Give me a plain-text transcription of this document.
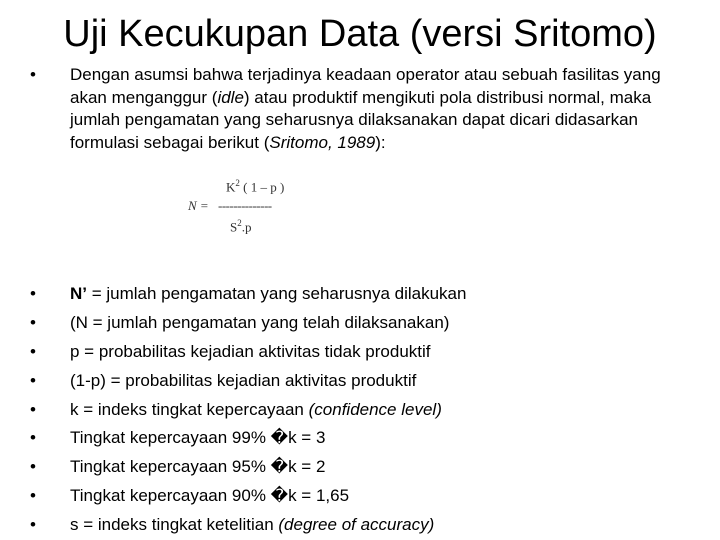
Uji Kecukupan Data (versi Sritomo)
•	Dengan asumsi bahwa terjadinya keadaan operator atau sebuah fasilitas yang akan menganggur (idle) atau produktif mengikuti pola distribusi normal, maka jumlah pengamatan yang seharusnya dilaksanakan dapat dicari didasarkan formulasi sebagai berikut (Sritomo, 1989):
$K^2$ ( 1 – p )
N = --------------
$S^2.p$
•	N’ = jumlah pengamatan yang seharusnya dilakukan
•	(N = jumlah pengamatan yang telah dilaksanakan)
•	p = probabilitas kejadian aktivitas tidak produktif
•	(1-p) = probabilitas kejadian aktivitas produktif
•	k = indeks tingkat kepercayaan (confidence level)
•	Tingkat kepercayaan 99% �k = 3
•	Tingkat kepercayaan 95% �k = 2
•	Tingkat kepercayaan 90% �k = 1,65
•	s = indeks tingkat ketelitian (degree of accuracy)
